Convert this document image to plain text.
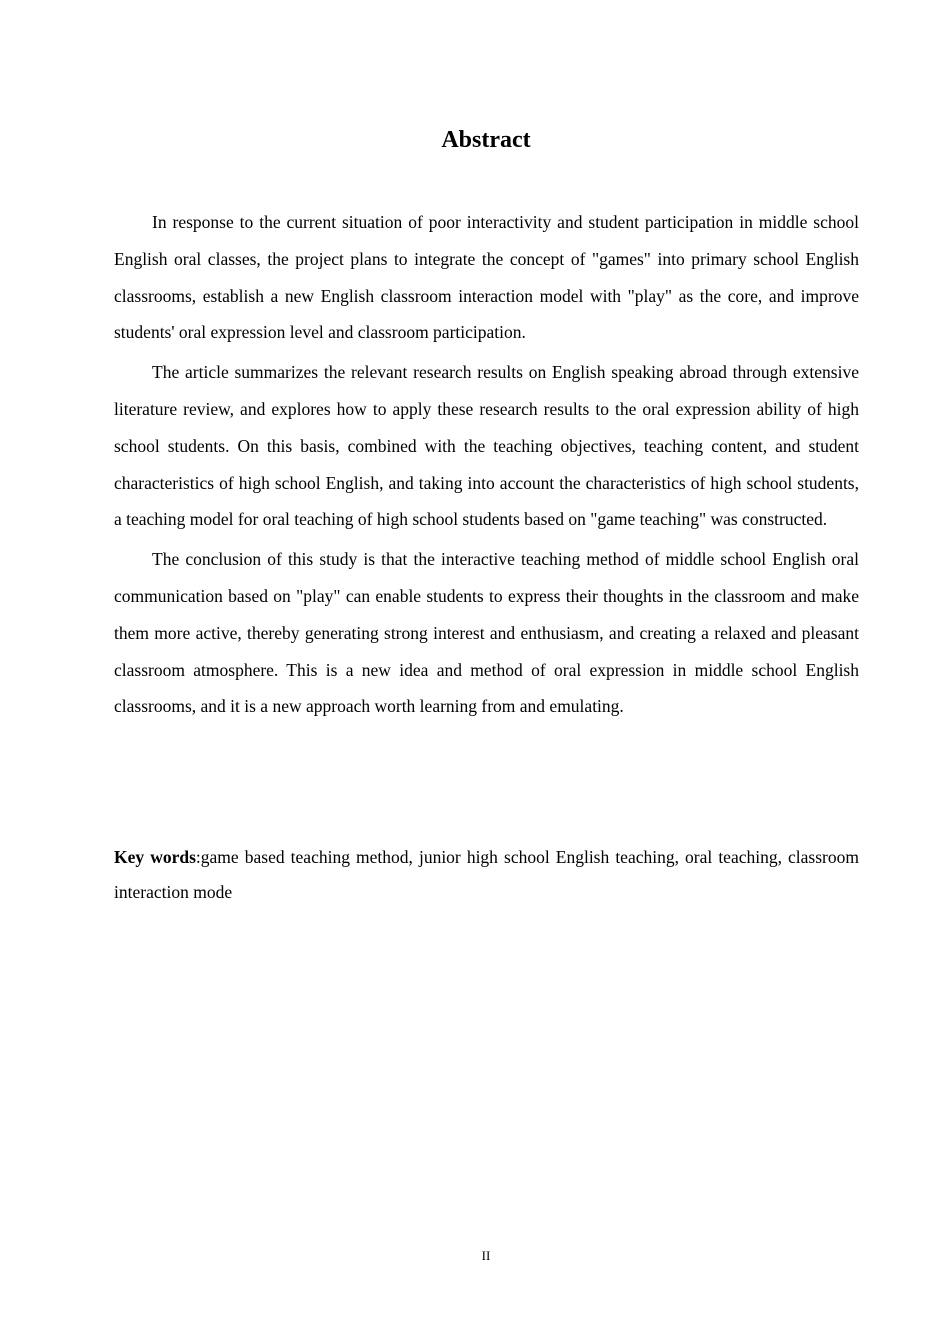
Abstract

In response to the current situation of poor interactivity and student participation in middle school English oral classes, the project plans to integrate the concept of "games" into primary school English classrooms, establish a new English classroom interaction model with "play" as the core, and improve students' oral expression level and classroom participation.

The article summarizes the relevant research results on English speaking abroad through extensive literature review, and explores how to apply these research results to the oral expression ability of high school students. On this basis, combined with the teaching objectives, teaching content, and student characteristics of high school English, and taking into account the characteristics of high school students, a teaching model for oral teaching of high school students based on "game teaching" was constructed.

The conclusion of this study is that the interactive teaching method of middle school English oral communication based on "play" can enable students to express their thoughts in the classroom and make them more active, thereby generating strong interest and enthusiasm, and creating a relaxed and pleasant classroom atmosphere. This is a new idea and method of oral expression in middle school English classrooms, and it is a new approach worth learning from and emulating.

Key words:game based teaching method, junior high school English teaching, oral teaching, classroom interaction mode
II
